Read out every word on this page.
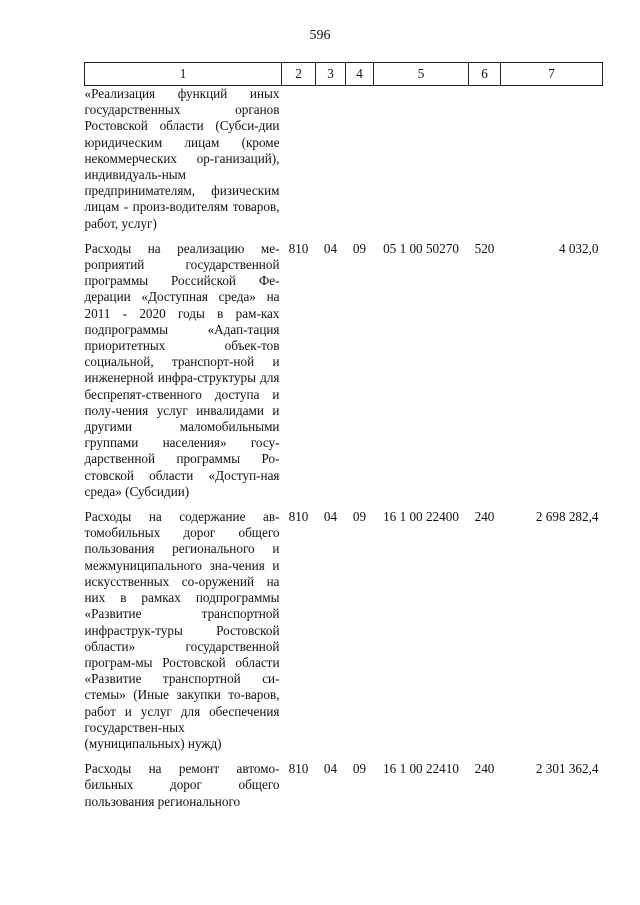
596
1	2	3	4	5	6	7
«Реализация функций иных государственных органов Ростовской области (Субси-дии юридическим лицам (кроме некоммерческих ор-ганизаций), индивидуаль-ным предпринимателям, физическим лицам - произ-водителям товаров, работ, услуг)						
Расходы на реализацию ме-роприятий государственной программы Российской Фе-дерации «Доступная среда» на 2011 - 2020 годы в рам-ках подпрограммы «Адап-тация приоритетных объек-тов социальной, транспорт-ной и инженерной инфра-структуры для беспрепят-ственного доступа и полу-чения услуг инвалидами и другими маломобильными группами населения» госу-дарственной программы Ро-стовской области «Доступ-ная среда» (Субсидии)	810	04	09	05 1 00 50270	520	4 032,0
Расходы на содержание ав-томобильных дорог общего пользования регионального и межмуниципального зна-чения и искусственных со-оружений на них в рамках подпрограммы «Развитие транспортной инфраструк-туры Ростовской области» государственной програм-мы Ростовской области «Развитие транспортной си-стемы» (Иные закупки то-варов, работ и услуг для обеспечения государствен-ных (муниципальных) нужд)	810	04	09	16 1 00 22400	240	2 698 282,4
Расходы на ремонт автомо-бильных дорог общего пользования регионального	810	04	09	16 1 00 22410	240	2 301 362,4
